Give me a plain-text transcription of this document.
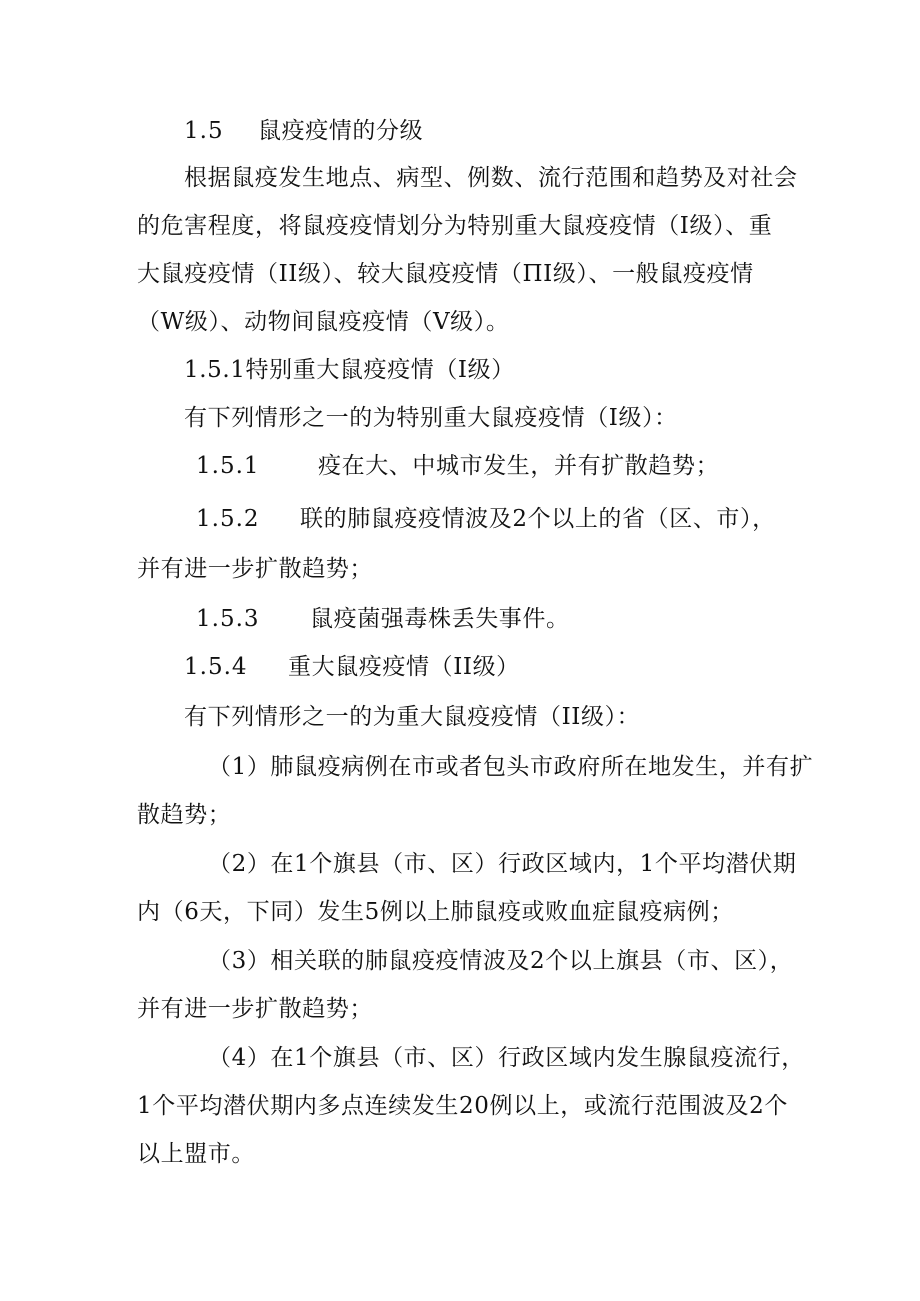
1.5 鼠疫疫情的分级
根据鼠疫发生地点、病型、例数、流行范围和趋势及对社会
的危害程度，将鼠疫疫情划分为特别重大鼠疫疫情（Ⅰ级）、重
大鼠疫疫情（II级）、较大鼠疫疫情（ΠI级）、一般鼠疫疫情
（W级）、动物间鼠疫疫情（V级）。
1.5.1特别重大鼠疫疫情（I级）
有下列情形之一的为特别重大鼠疫疫情（I级）：
1.5.1	疫在大、中城市发生，并有扩散趋势；
1.5.2 联的肺鼠疫疫情波及2个以上的省（区、市），
并有进一步扩散趋势；
1.5.3 鼠疫菌强毒株丢失事件。
1.5.4 重大鼠疫疫情（II级）
有下列情形之一的为重大鼠疫疫情（II级）：
（1）肺鼠疫病例在市或者包头市政府所在地发生，并有扩
散趋势；
（2）在1个旗县（市、区）行政区域内，1个平均潜伏期
内（6天，下同）发生5例以上肺鼠疫或败血症鼠疫病例；
（3）相关联的肺鼠疫疫情波及2个以上旗县（市、区），
并有进一步扩散趋势；
（4）在1个旗县（市、区）行政区域内发生腺鼠疫流行，
1个平均潜伏期内多点连续发生20例以上，或流行范围波及2个
以上盟市。
